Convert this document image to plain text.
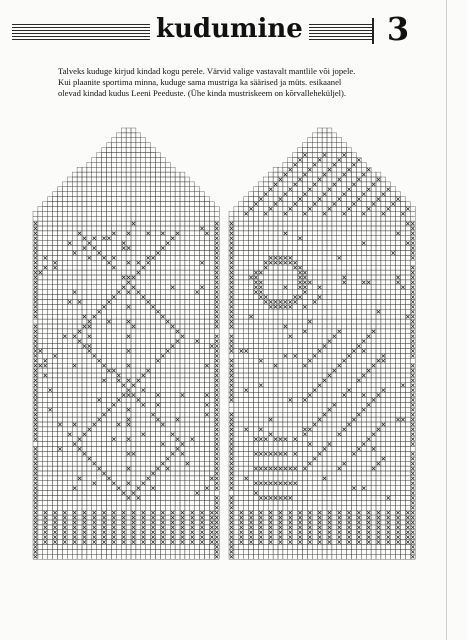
kudumine	3

Talveks kuduge kirjud kindad kogu perele. Värvid valige vastavalt mantlile või jopele.

Kui plaanite sportima minna, kuduge sama mustriga ka säärised ja müts. esikaanel

olevad kindad kudus Leeni Peeduste. (Ühe kinda mustriskeem on kõrvalleheküljel).
